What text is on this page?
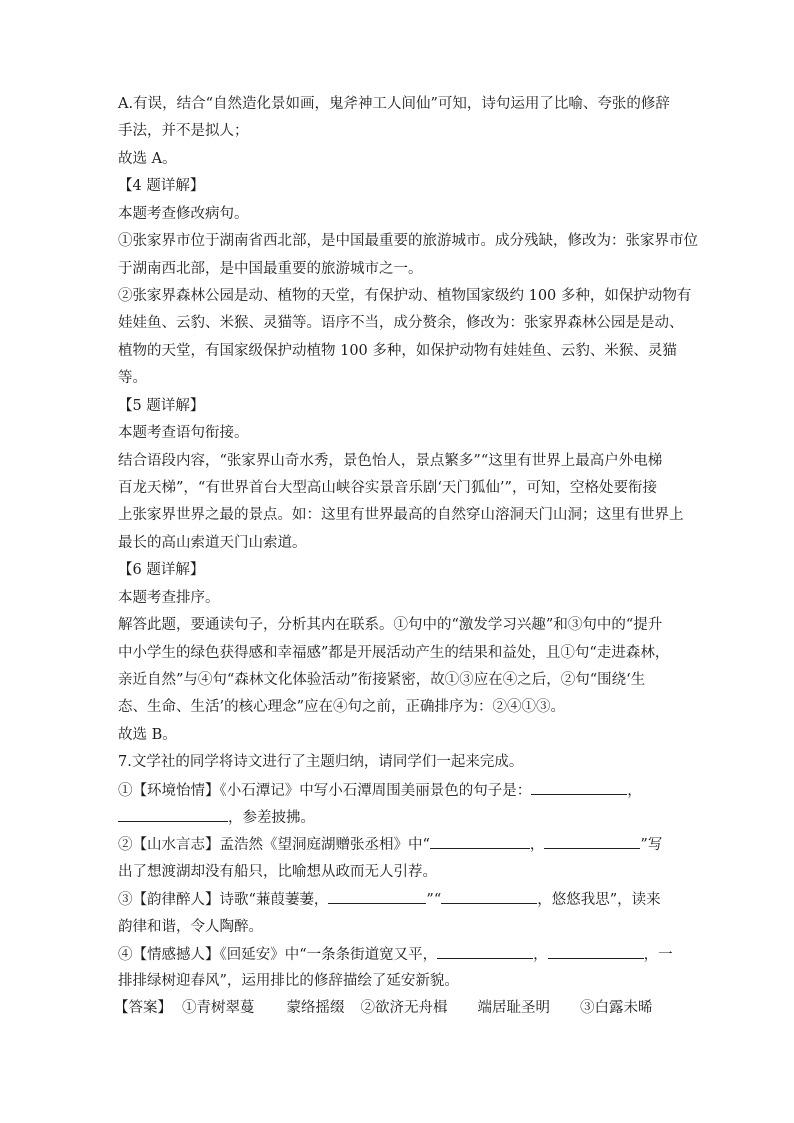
A.有误，结合“自然造化景如画，鬼斧神工人间仙”可知，诗句运用了比喻、夸张的修辞
手法，并不是拟人；
故选 A。
【4 题详解】
本题考查修改病句。
①张家界市位于湖南省西北部，是中国最重要的旅游城市。成分残缺，修改为：张家界市位
于湖南西北部，是中国最重要的旅游城市之一。
②张家界森林公园是动、植物的天堂，有保护动、植物国家级约 100 多种，如保护动物有
娃娃鱼、云豹、米猴、灵猫等。语序不当，成分赘余，修改为：张家界森林公园是是动、
植物的天堂，有国家级保护动植物 100 多种，如保护动物有娃娃鱼、云豹、米猴、灵猫
等。
【5 题详解】
本题考查语句衔接。
结合语段内容，“张家界山奇水秀，景色怡人，景点繁多”“这里有世界上最高户外电梯
百龙天梯”，“有世界首台大型高山峡谷实景音乐剧‘天门狐仙’”，可知，空格处要衔接
上张家界世界之最的景点。如：这里有世界最高的自然穿山溶洞天门山洞；这里有世界上
最长的高山索道天门山索道。
【6 题详解】
本题考查排序。
解答此题，要通读句子，分析其内在联系。①句中的“激发学习兴趣”和③句中的“提升
中小学生的绿色获得感和幸福感”都是开展活动产生的结果和益处，且①句“走进森林，
亲近自然”与④句“森林文化体验活动”衔接紧密，故①③应在④之后，②句“围绕‘生
态、生命、生活’的核心理念”应在④句之前，正确排序为：②④①③。
故选 B。
7.文学社的同学将诗文进行了主题归纳，请同学们一起来完成。
①【环境怡情】《小石潭记》中写小石潭周围美丽景色的句子是：	，
，参差披拂。
②【山水言志】孟浩然《望洞庭湖赠张丞相》中“	，	”写
出了想渡湖却没有船只，比喻想从政而无人引荐。
③【韵律醉人】诗歌“蒹葭萋萋，	”“	，悠悠我思”，读来
韵律和谐，令人陶醉。
④【情感撼人】《回延安》中“一条条街道宽又平，	，	，一
排排绿树迎春风”，运用排比的修辞描绘了延安新貌。
【答案】 ①青树翠蔓 蒙络摇缀 ②欲济无舟楫 端居耻圣明 ③白露未晞
